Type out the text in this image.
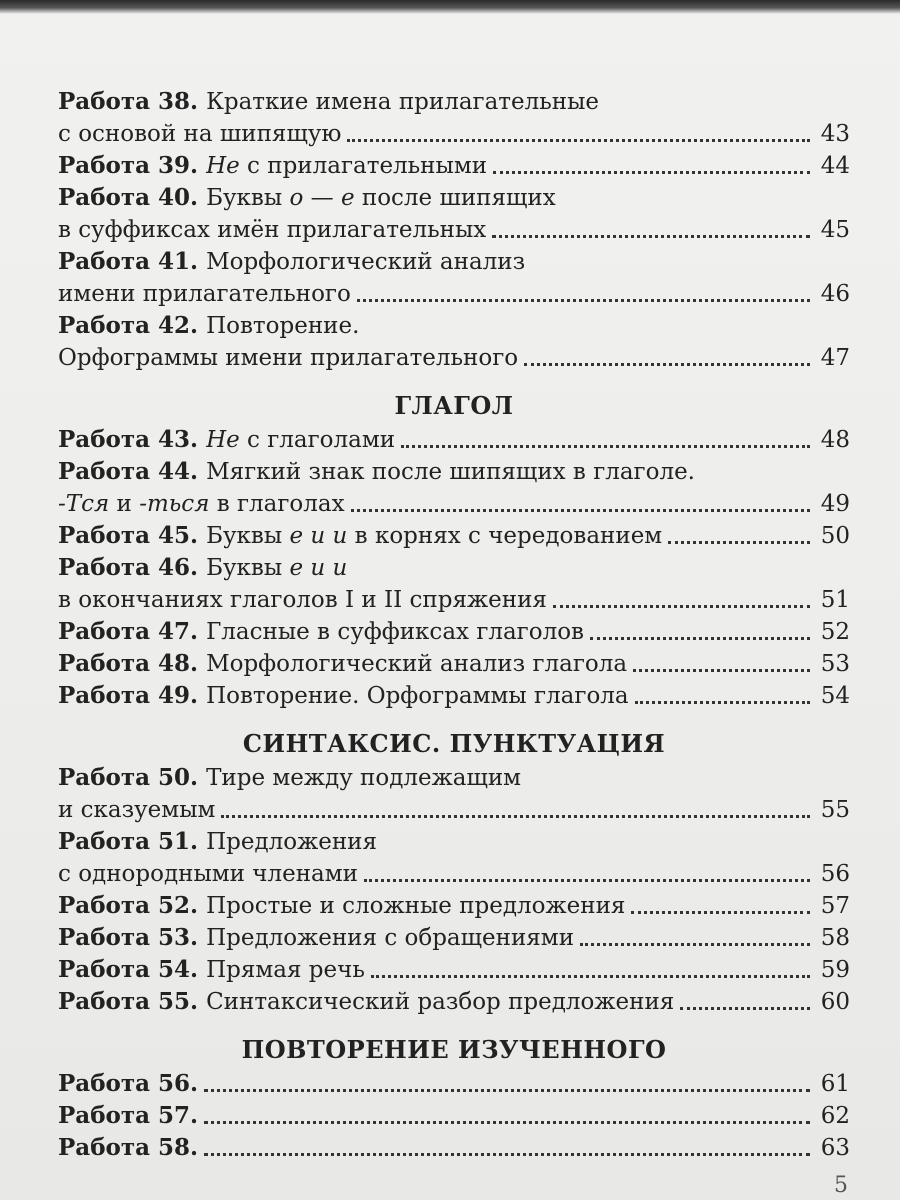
Работа 38. Краткие имена прилагательные
с основой на шипящую	43
Работа 39. Не с прилагательными	44
Работа 40. Буквы о — е после шипящих
в суффиксах имён прилагательных	45
Работа 41. Морфологический анализ
имени прилагательного	46
Работа 42. Повторение.
Орфограммы имени прилагательного	47
ГЛАГОЛ
Работа 43. Не с глаголами	48
Работа 44. Мягкий знак после шипящих в глаголе.
-Тся и -ться в глаголах	49
Работа 45. Буквы е и и в корнях с чередованием	50
Работа 46. Буквы е и и
в окончаниях глаголов I и II спряжения	51
Работа 47. Гласные в суффиксах глаголов	52
Работа 48. Морфологический анализ глагола	53
Работа 49. Повторение. Орфограммы глагола	54
СИНТАКСИС. ПУНКТУАЦИЯ
Работа 50. Тире между подлежащим
и сказуемым	55
Работа 51. Предложения
с однородными членами	56
Работа 52. Простые и сложные предложения	57
Работа 53. Предложения с обращениями	58
Работа 54. Прямая речь	59
Работа 55. Синтаксический разбор предложения	60
ПОВТОРЕНИЕ ИЗУЧЕННОГО
Работа 56.	61
Работа 57.	62
Работа 58.	63
5
